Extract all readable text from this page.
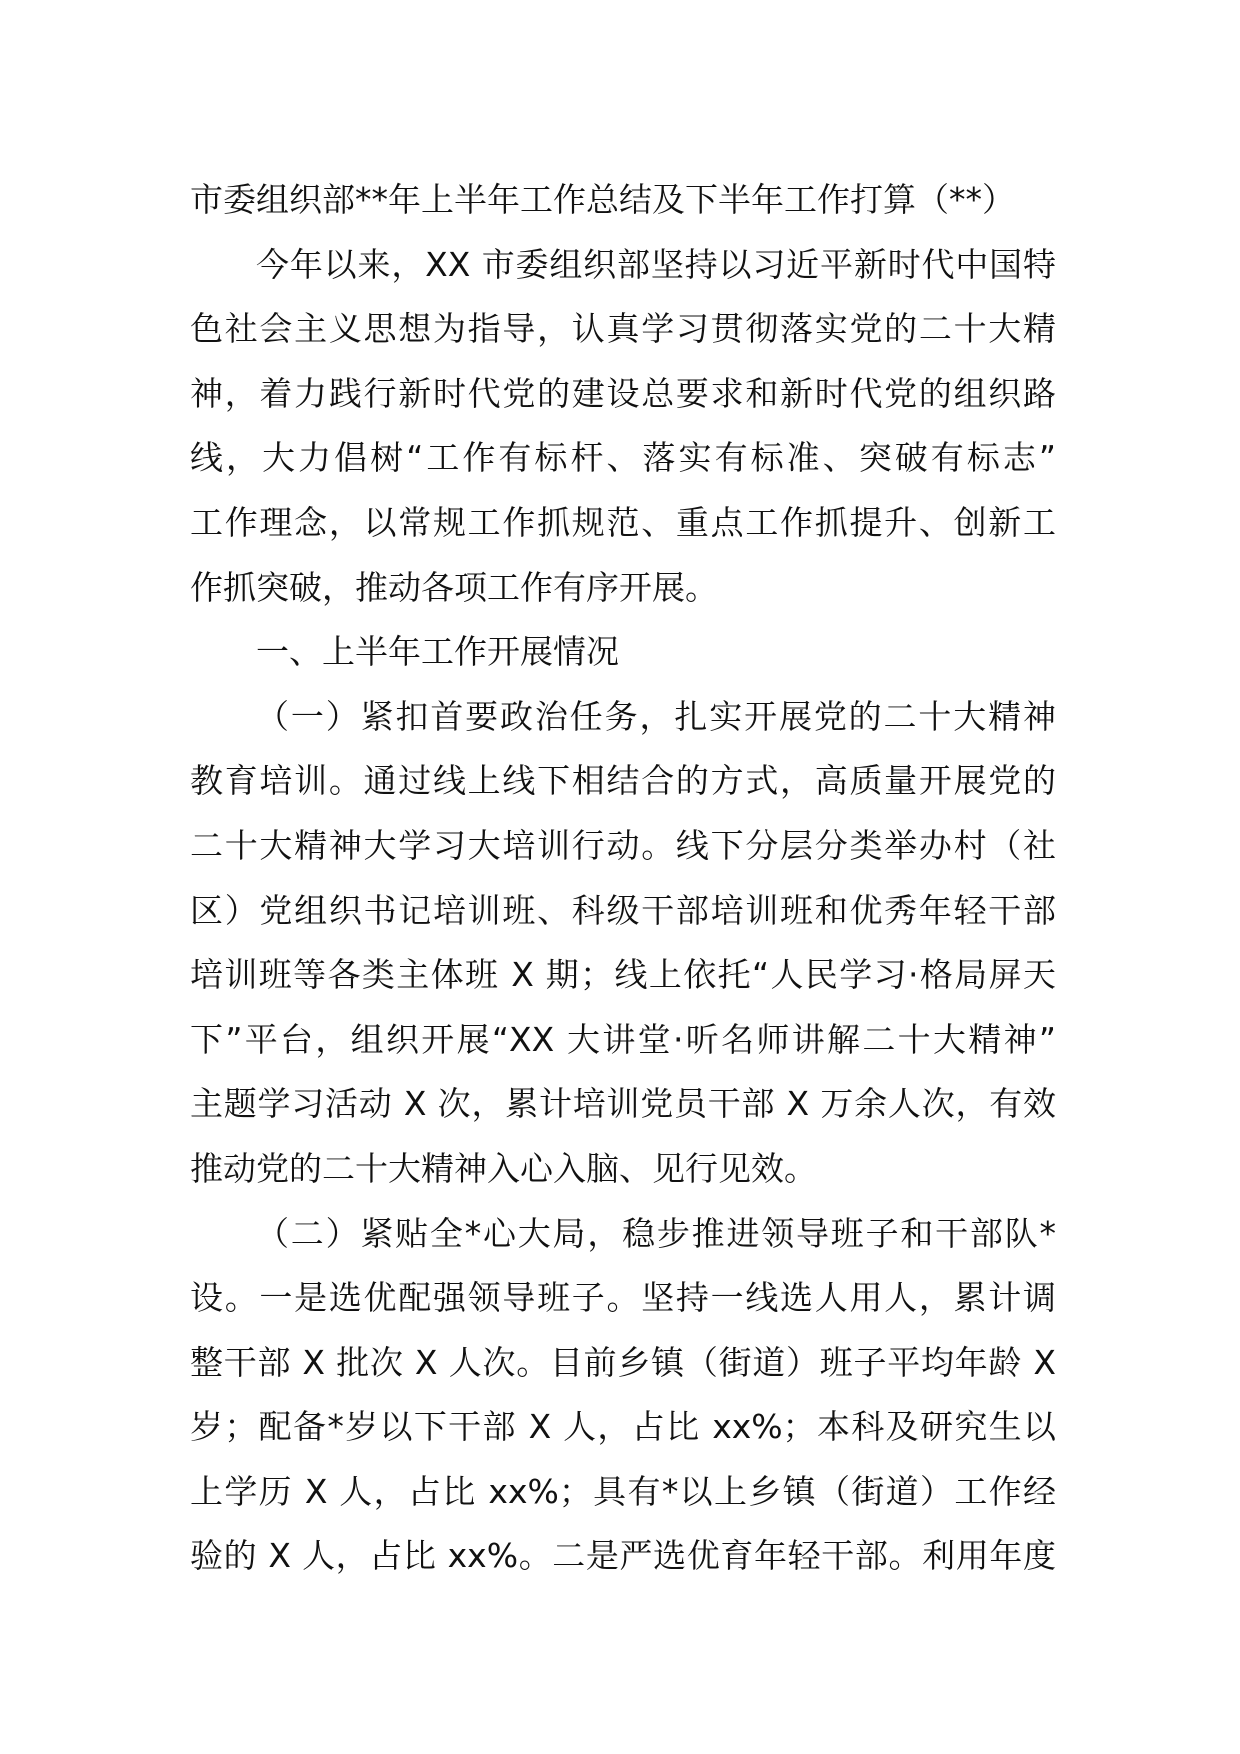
市委组织部**年上半年工作总结及下半年工作打算（**）
今年以来，XX 市委组织部坚持以习近平新时代中国特
色社会主义思想为指导，认真学习贯彻落实党的二十大精
神，着力践行新时代党的建设总要求和新时代党的组织路
线，大力倡树“工作有标杆、落实有标准、突破有标志”
工作理念，以常规工作抓规范、重点工作抓提升、创新工
作抓突破，推动各项工作有序开展。
一、上半年工作开展情况
（一）紧扣首要政治任务，扎实开展党的二十大精神
教育培训。通过线上线下相结合的方式，高质量开展党的
二十大精神大学习大培训行动。线下分层分类举办村（社
区）党组织书记培训班、科级干部培训班和优秀年轻干部
培训班等各类主体班 X 期；线上依托“人民学习·格局屏天
下”平台，组织开展“XX 大讲堂·听名师讲解二十大精神”
主题学习活动 X 次，累计培训党员干部 X 万余人次，有效
推动党的二十大精神入心入脑、见行见效。
（二）紧贴全*心大局，稳步推进领导班子和干部队*
设。一是选优配强领导班子。坚持一线选人用人，累计调
整干部 X 批次 X 人次。目前乡镇（街道）班子平均年龄 X
岁；配备*岁以下干部 X 人，占比 xx%；本科及研究生以
上学历 X 人，占比 xx%；具有*以上乡镇（街道）工作经
验的 X 人，占比 xx%。二是严选优育年轻干部。利用年度
